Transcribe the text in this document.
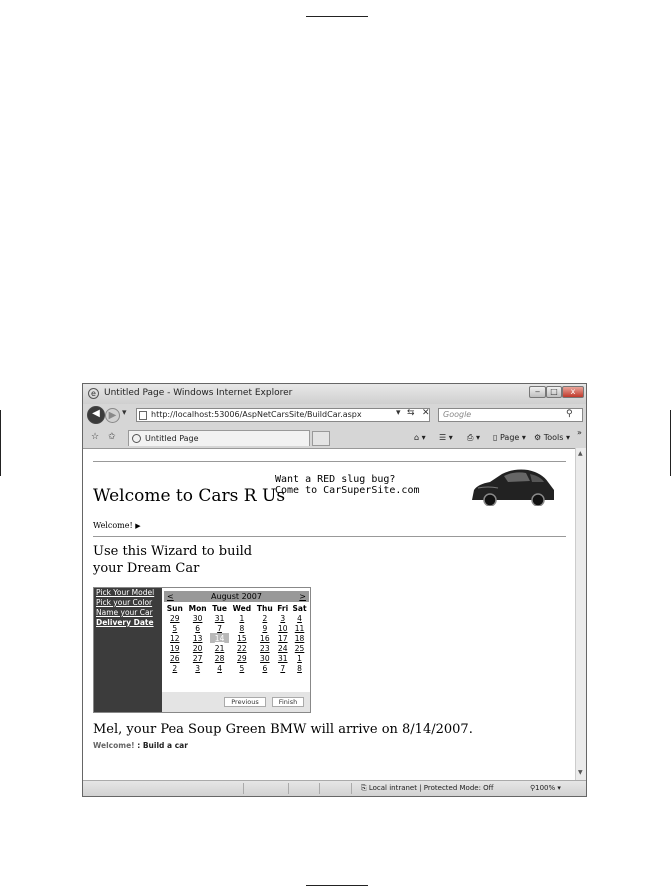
e Untitled Page - Windows Internet Explorer	‒	□	x
◀ ▶ ▾	http://localhost:53006/AspNetCarsSite/BuildCar.aspx	▾ ⇆ ✕ Google	⚲
☆ ✩	Untitled Page	⌂ ▾ ☰ ▾ ⎙ ▾ ▯ Page ▾ ⚙ Tools ▾
»
Welcome to Cars R Us
Want a RED slug bug?
Come to CarSuperSite.com
Welcome! ▶
Use this Wizard to build
your Dream Car
Pick Your Model
Pick your Color
Name your Car
Delivery Date
<	August 2007	>
Sun	Mon	Tue	Wed	Thu	Fri	Sat
29	30	31	1	2	3	4
5	6	7	8	9	10	11
12	13	14	15	16	17	18
19	20	21	22	23	24	25
26	27	28	29	30	31	1
2	3	4	5	6	7	8
Previous	Finish
Mel, your Pea Soup Green BMW will arrive on 8/14/2007.
Welcome! : Build a car
▲
▼
⎘ Local intranet | Protected Mode: Off	⚲100% ▾
